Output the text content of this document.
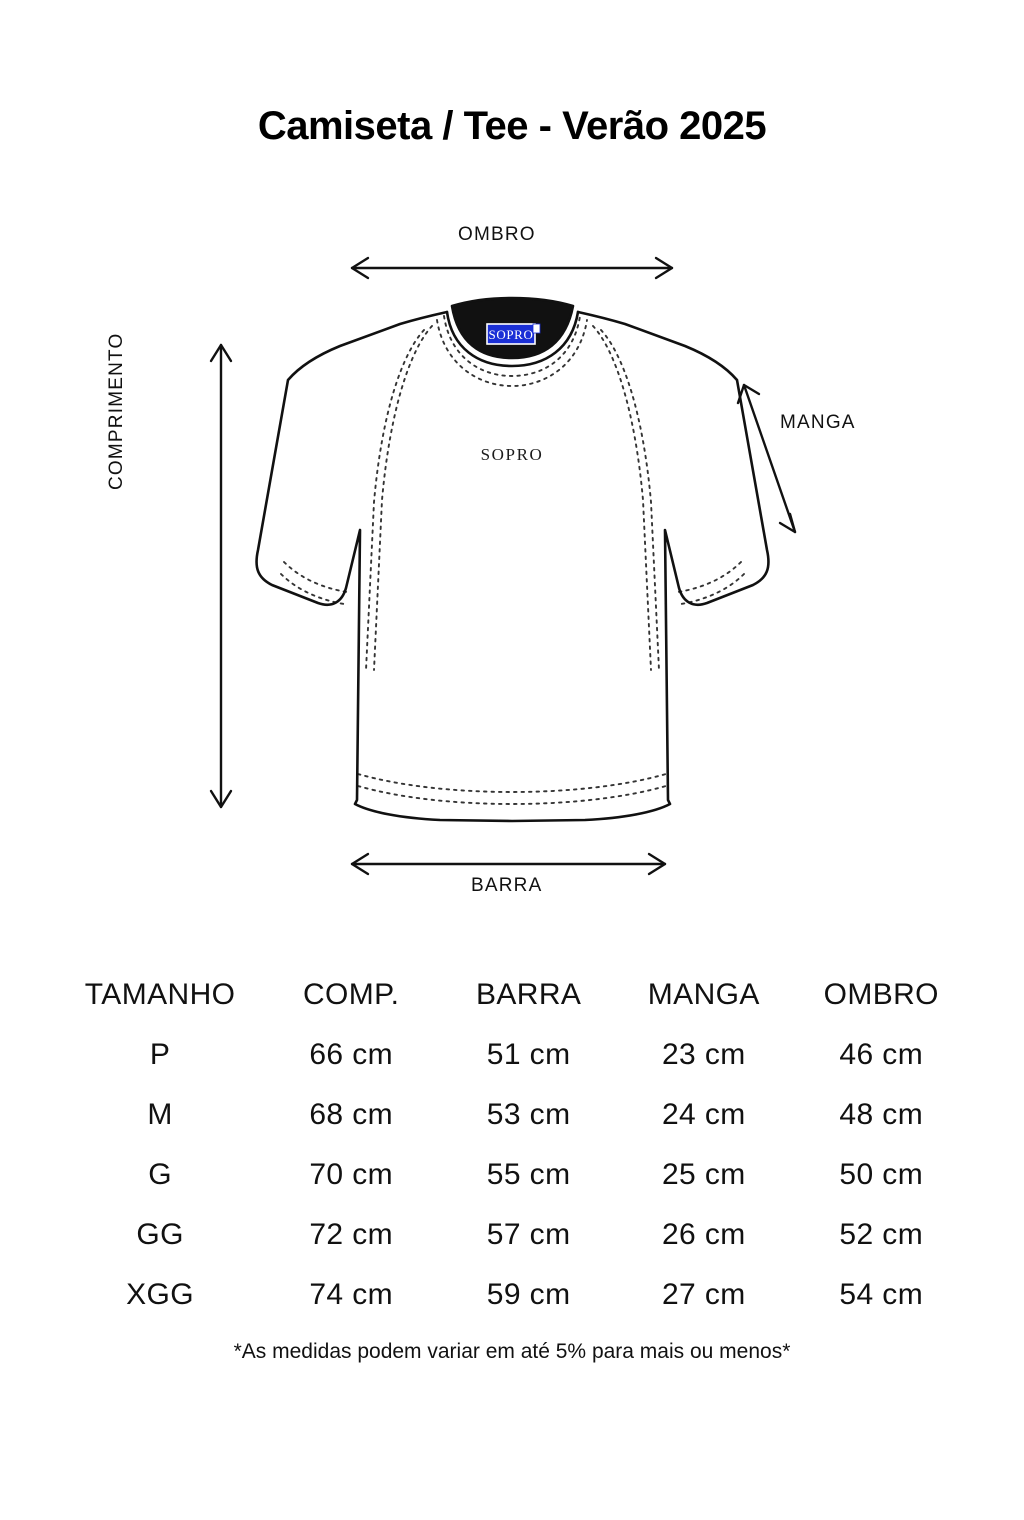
Camiseta / Tee - Verão 2025
SOPRO
SOPRO
OMBRO
MANGA
BARRA
COMPRIMENTO
TAMANHO	COMP.	BARRA	MANGA	OMBRO
P	66 cm	51 cm	23 cm	46 cm
M	68 cm	53 cm	24 cm	48 cm
G	70 cm	55 cm	25 cm	50 cm
GG	72 cm	57 cm	26 cm	52 cm
XGG	74 cm	59 cm	27 cm	54 cm
*As medidas podem variar em até 5% para mais ou menos*
